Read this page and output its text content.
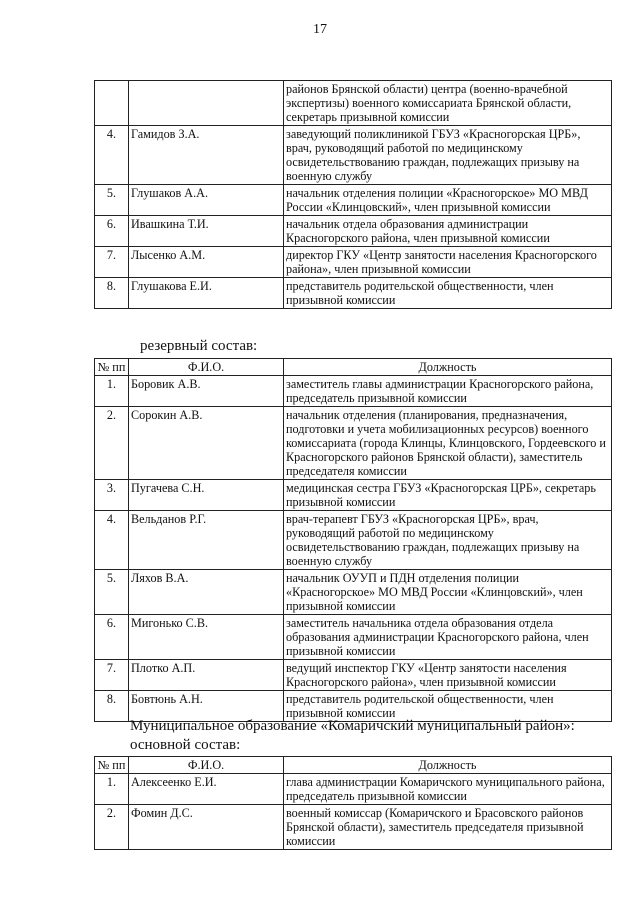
17
		районов Брянской области) центра (военно-врачебной экспертизы) военного комиссариата Брянской области, секретарь призывной комиссии
4.	Гамидов З.А.	заведующий поликлиникой ГБУЗ «Красногорская ЦРБ», врач, руководящий работой по медицинскому освидетельствованию граждан, подлежащих призыву на военную службу
5.	Глушаков А.А.	начальник отделения полиции «Красногорское» МО МВД России «Клинцовский», член призывной комиссии
6.	Ивашкина Т.И.	начальник отдела образования администрации Красногорского района, член призывной комиссии
7.	Лысенко А.М.	директор ГКУ «Центр занятости населения Красногорского района», член призывной комиссии
8.	Глушакова Е.И.	представитель родительской общественности, член призывной комиссии
резервный состав:
№ пп	Ф.И.О.	Должность
1.	Боровик А.В.	заместитель главы администрации Красногорского района, председатель призывной комиссии
2.	Сорокин А.В.	начальник отделения (планирования, предназначения, подготовки и учета мобилизационных ресурсов) военного комиссариата (города Клинцы, Клинцовского, Гордеевского и Красногорского районов Брянской области), заместитель председателя комиссии
3.	Пугачева С.Н.	медицинская сестра ГБУЗ «Красногорская ЦРБ», секретарь призывной комиссии
4.	Вельданов Р.Г.	врач-терапевт ГБУЗ «Красногорская ЦРБ», врач, руководящий работой по медицинскому освидетельствованию граждан, подлежащих призыву на военную службу
5.	Ляхов В.А.	начальник ОУУП и ПДН отделения полиции «Красногорское» МО МВД России «Клинцовский», член призывной комиссии
6.	Мигонько С.В.	заместитель начальника отдела образования отдела образования администрации Красногорского района, член призывной комиссии
7.	Плотко А.П.	ведущий инспектор ГКУ «Центр занятости населения Красногорского района», член призывной комиссии
8.	Бовтюнь А.Н.	представитель родительской общественности, член призывной комиссии
Муниципальное образование «Комаричский муниципальный район»:
основной состав:
№ пп	Ф.И.О.	Должность
1.	Алексеенко Е.И.	глава администрации Комаричского муниципального района, председатель призывной комиссии
2.	Фомин Д.С.	военный комиссар (Комаричского и Брасовского районов Брянской области), заместитель председателя призывной комиссии
